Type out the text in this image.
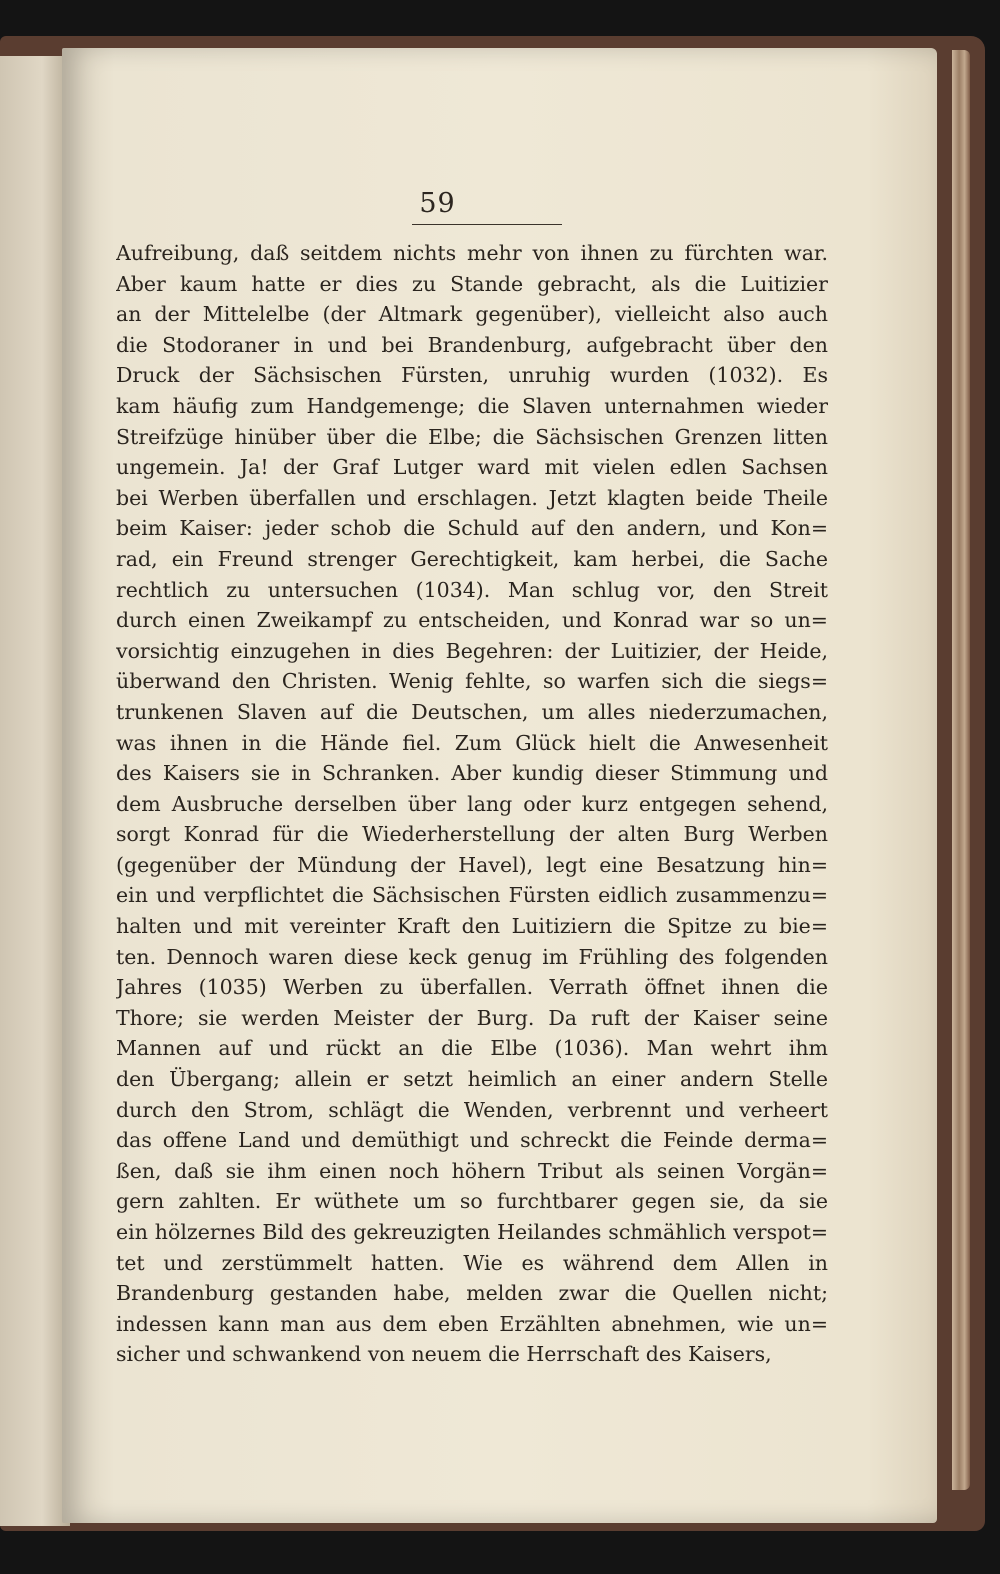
59
Aufreibung, daß seitdem nichts mehr von ihnen zu fürchten war.
Aber kaum hatte er dies zu Stande gebracht, als die Luitizier
an der Mittelelbe (der Altmark gegenüber), vielleicht also auch
die Stodoraner in und bei Brandenburg, aufgebracht über den
Druck der Sächsischen Fürsten, unruhig wurden (1032). Es
kam häufig zum Handgemenge; die Slaven unternahmen wieder
Streifzüge hinüber über die Elbe; die Sächsischen Grenzen litten
ungemein. Ja! der Graf Lutger ward mit vielen edlen Sachsen
bei Werben überfallen und erschlagen. Jetzt klagten beide Theile
beim Kaiser: jeder schob die Schuld auf den andern, und Kon=
rad, ein Freund strenger Gerechtigkeit, kam herbei, die Sache
rechtlich zu untersuchen (1034). Man schlug vor, den Streit
durch einen Zweikampf zu entscheiden, und Konrad war so un=
vorsichtig einzugehen in dies Begehren: der Luitizier, der Heide,
überwand den Christen. Wenig fehlte, so warfen sich die siegs=
trunkenen Slaven auf die Deutschen, um alles niederzumachen,
was ihnen in die Hände fiel. Zum Glück hielt die Anwesenheit
des Kaisers sie in Schranken. Aber kundig dieser Stimmung und
dem Ausbruche derselben über lang oder kurz entgegen sehend,
sorgt Konrad für die Wiederherstellung der alten Burg Werben
(gegenüber der Mündung der Havel), legt eine Besatzung hin=
ein und verpflichtet die Sächsischen Fürsten eidlich zusammenzu=
halten und mit vereinter Kraft den Luitiziern die Spitze zu bie=
ten. Dennoch waren diese keck genug im Frühling des folgenden
Jahres (1035) Werben zu überfallen. Verrath öffnet ihnen die
Thore; sie werden Meister der Burg. Da ruft der Kaiser seine
Mannen auf und rückt an die Elbe (1036). Man wehrt ihm
den Übergang; allein er setzt heimlich an einer andern Stelle
durch den Strom, schlägt die Wenden, verbrennt und verheert
das offene Land und demüthigt und schreckt die Feinde derma=
ßen, daß sie ihm einen noch höhern Tribut als seinen Vorgän=
gern zahlten. Er wüthete um so furchtbarer gegen sie, da sie
ein hölzernes Bild des gekreuzigten Heilandes schmählich verspot=
tet und zerstümmelt hatten. Wie es während dem Allen in
Brandenburg gestanden habe, melden zwar die Quellen nicht;
indessen kann man aus dem eben Erzählten abnehmen, wie un=
sicher und schwankend von neuem die Herrschaft des Kaisers,
